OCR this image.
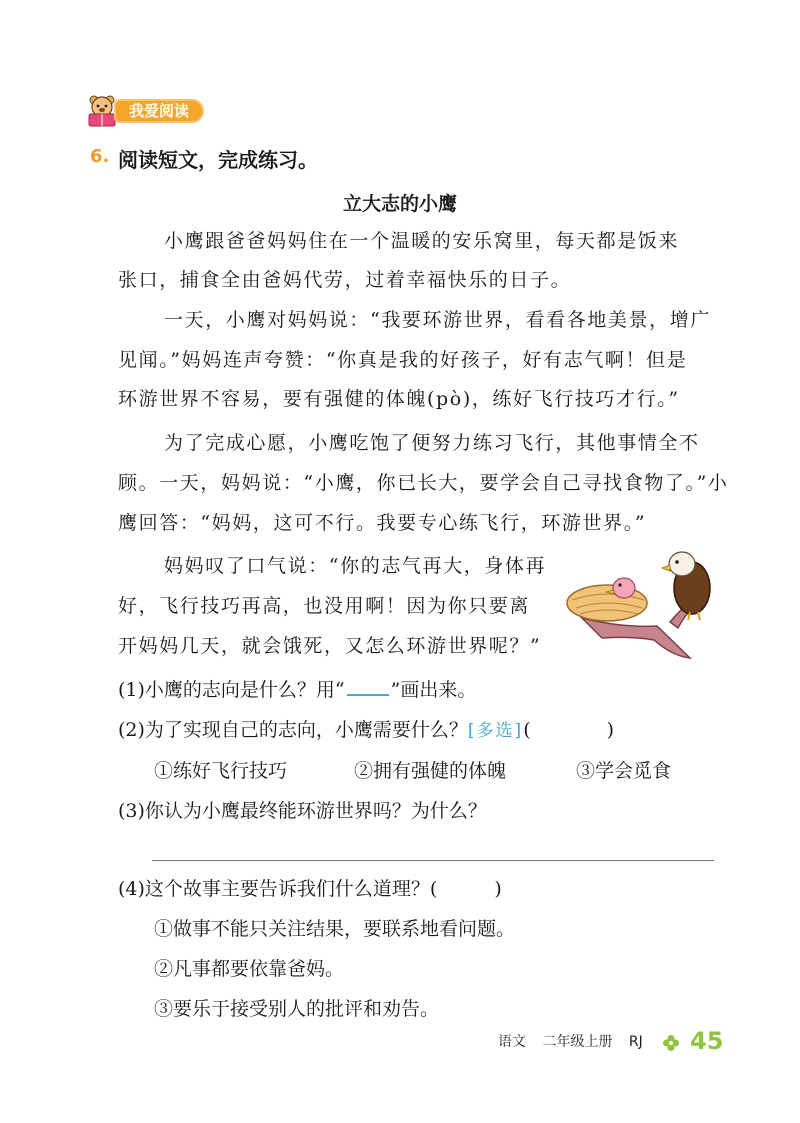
我爱阅读
6. 阅读短文，完成练习。
立大志的小鹰
小鹰跟爸爸妈妈住在一个温暖的安乐窝里，每天都是饭来
张口，捕食全由爸妈代劳，过着幸福快乐的日子。
一天，小鹰对妈妈说：“我要环游世界，看看各地美景，增广
见闻。”妈妈连声夸赞：“你真是我的好孩子，好有志气啊！但是
环游世界不容易，要有强健的体魄(pò)，练好飞行技巧才行。”
为了完成心愿，小鹰吃饱了便努力练习飞行，其他事情全不
顾。一天，妈妈说：“小鹰，你已长大，要学会自己寻找食物了。”小
鹰回答：“妈妈，这可不行。我要专心练飞行，环游世界。”
妈妈叹了口气说：“你的志气再大，身体再
好，飞行技巧再高，也没用啊！因为你只要离
开妈妈几天，就会饿死，又怎么环游世界呢？”
(1)小鹰的志向是什么？用“ ”画出来。
(2)为了实现自己的志向，小鹰需要什么？[多选](　　　　)
①练好飞行技巧	②拥有强健的体魄	③学会觅食
(3)你认为小鹰最终能环游世界吗？为什么？
(4)这个故事主要告诉我们什么道理？(　　　)
①做事不能只关注结果，要联系地看问题。
②凡事都要依靠爸妈。
③要乐于接受别人的批评和劝告。
语文 二年级上册 RJ	45
